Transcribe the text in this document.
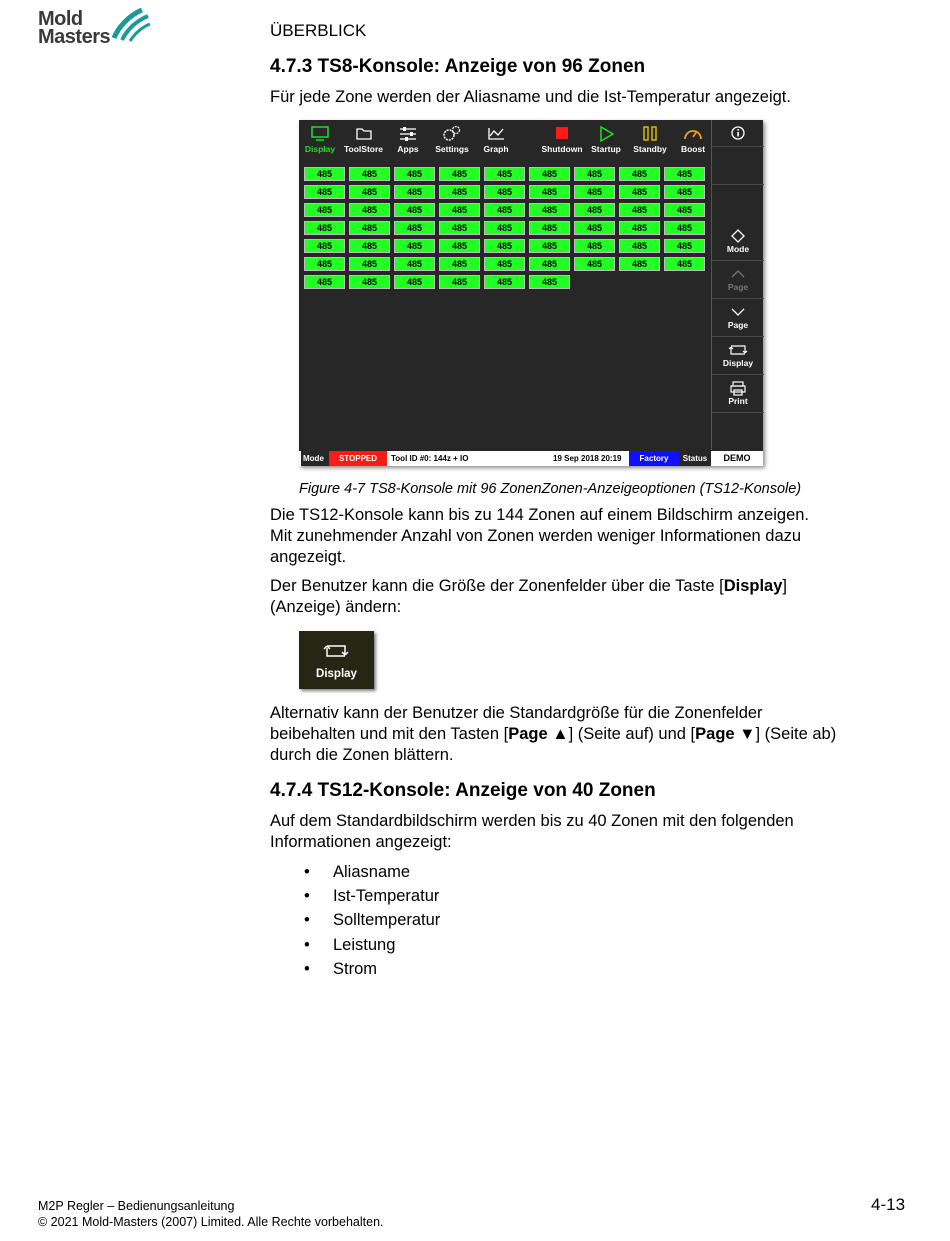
Mold
Masters	ÜBERBLICK
4.7.3 TS8-Konsole: Anzeige von 96 Zonen

Für jede Zone werden der Aliasname und die Ist-Temperatur angezeigt.

Display	ToolStore	Apps	Settings	Graph	Shutdown	Startup	Standby	Boost
Mode
Page
Page
Display
Print
485	485	485	485	485	485	485	485	485
485	485	485	485	485	485	485	485	485
485	485	485	485	485	485	485	485	485
485	485	485	485	485	485	485	485	485
485	485	485	485	485	485	485	485	485
485	485	485	485	485	485	485	485	485
485	485	485	485	485	485
Mode	STOPPED	Tool ID #0: 144z + IO	19 Sep 2018 20:19	Factory	Status	DEMO

Figure 4-7 TS8-Konsole mit 96 ZonenZonen-Anzeigeoptionen (TS12-Konsole)

Die TS12-Konsole kann bis zu 144 Zonen auf einem Bildschirm anzeigen.

Mit zunehmender Anzahl von Zonen werden weniger Informationen dazu

angezeigt.

Der Benutzer kann die Größe der Zonenfelder über die Taste [Display]

(Anzeige) ändern:

Display

Alternativ kann der Benutzer die Standardgröße für die Zonenfelder

beibehalten und mit den Tasten [Page ▲] (Seite auf) und [Page ▼] (Seite ab)

durch die Zonen blättern.

4.7.4 TS12-Konsole: Anzeige von 40 Zonen

Auf dem Standardbildschirm werden bis zu 40 Zonen mit den folgenden

Informationen angezeigt:

• Aliasname
• Ist-Temperatur
• Solltemperatur
• Leistung
• Strom
M2P Regler – Bedienungsanleitung
© 2021 Mold-Masters (2007) Limited. Alle Rechte vorbehalten.
4-13
